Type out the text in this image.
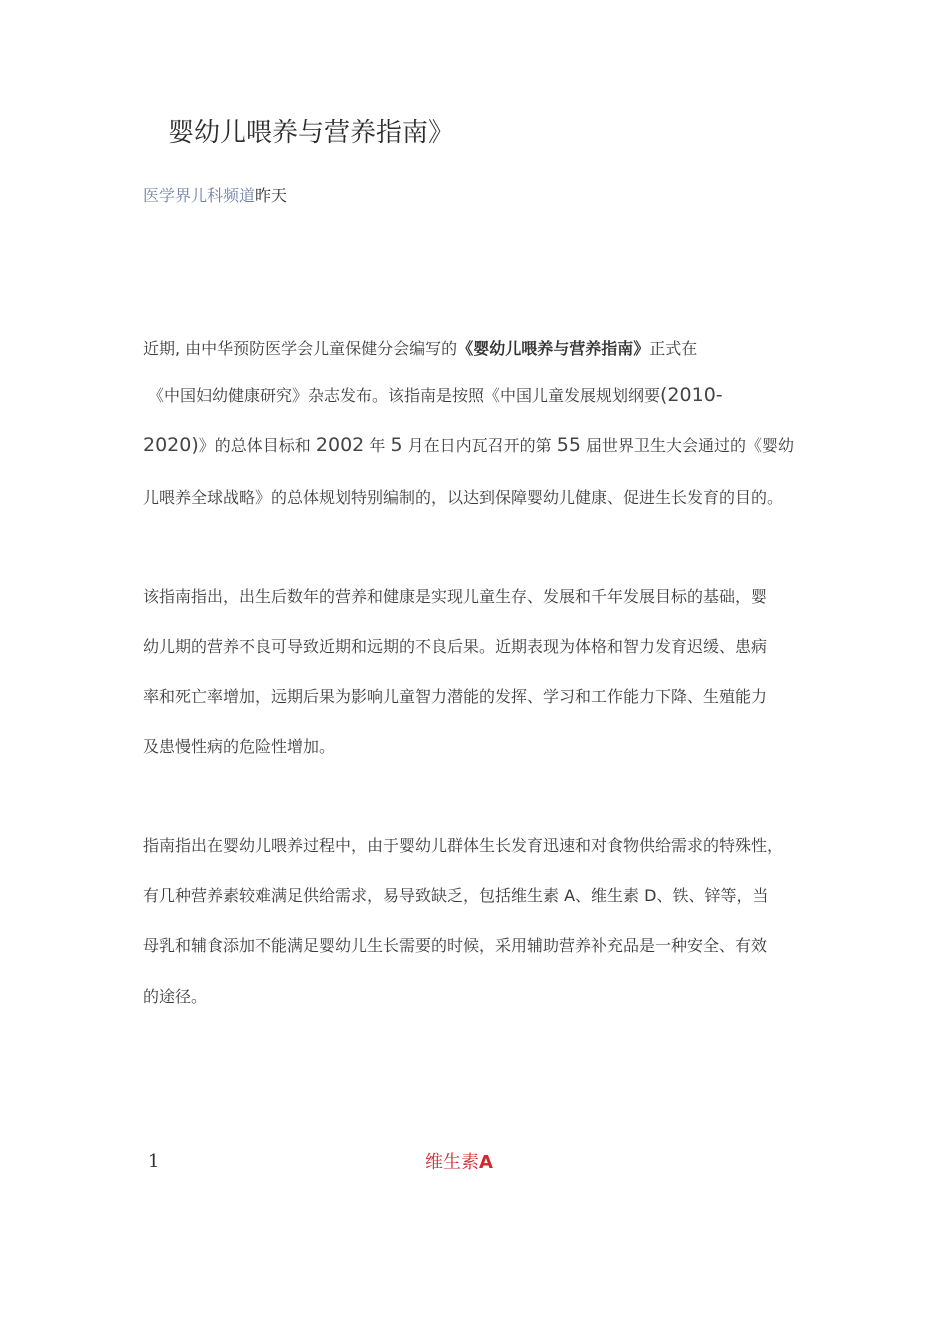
婴幼儿喂养与营养指南》
医学界儿科频道昨天
近期, 由中华预防医学会儿童保健分会编写的《婴幼儿喂养与营养指南》正式在
《中国妇幼健康研究》杂志发布。该指南是按照《中国儿童发展规划纲要(2010-
2020)》的总体目标和 2002 年 5 月在日内瓦召开的第 55 届世界卫生大会通过的《婴幼
儿喂养全球战略》的总体规划特别编制的，以达到保障婴幼儿健康、促进生长发育的目的。
该指南指出，出生后数年的营养和健康是实现儿童生存、发展和千年发展目标的基础，婴
幼儿期的营养不良可导致近期和远期的不良后果。近期表现为体格和智力发育迟缓、患病
率和死亡率增加，远期后果为影响儿童智力潜能的发挥、学习和工作能力下降、生殖能力
及患慢性病的危险性增加。
指南指出在婴幼儿喂养过程中，由于婴幼儿群体生长发育迅速和对食物供给需求的特殊性，
有几种营养素较难满足供给需求，易导致缺乏，包括维生素 A、维生素 D、铁、锌等，当
母乳和辅食添加不能满足婴幼儿生长需要的时候，采用辅助营养补充品是一种安全、有效
的途径。
1	维生素A
